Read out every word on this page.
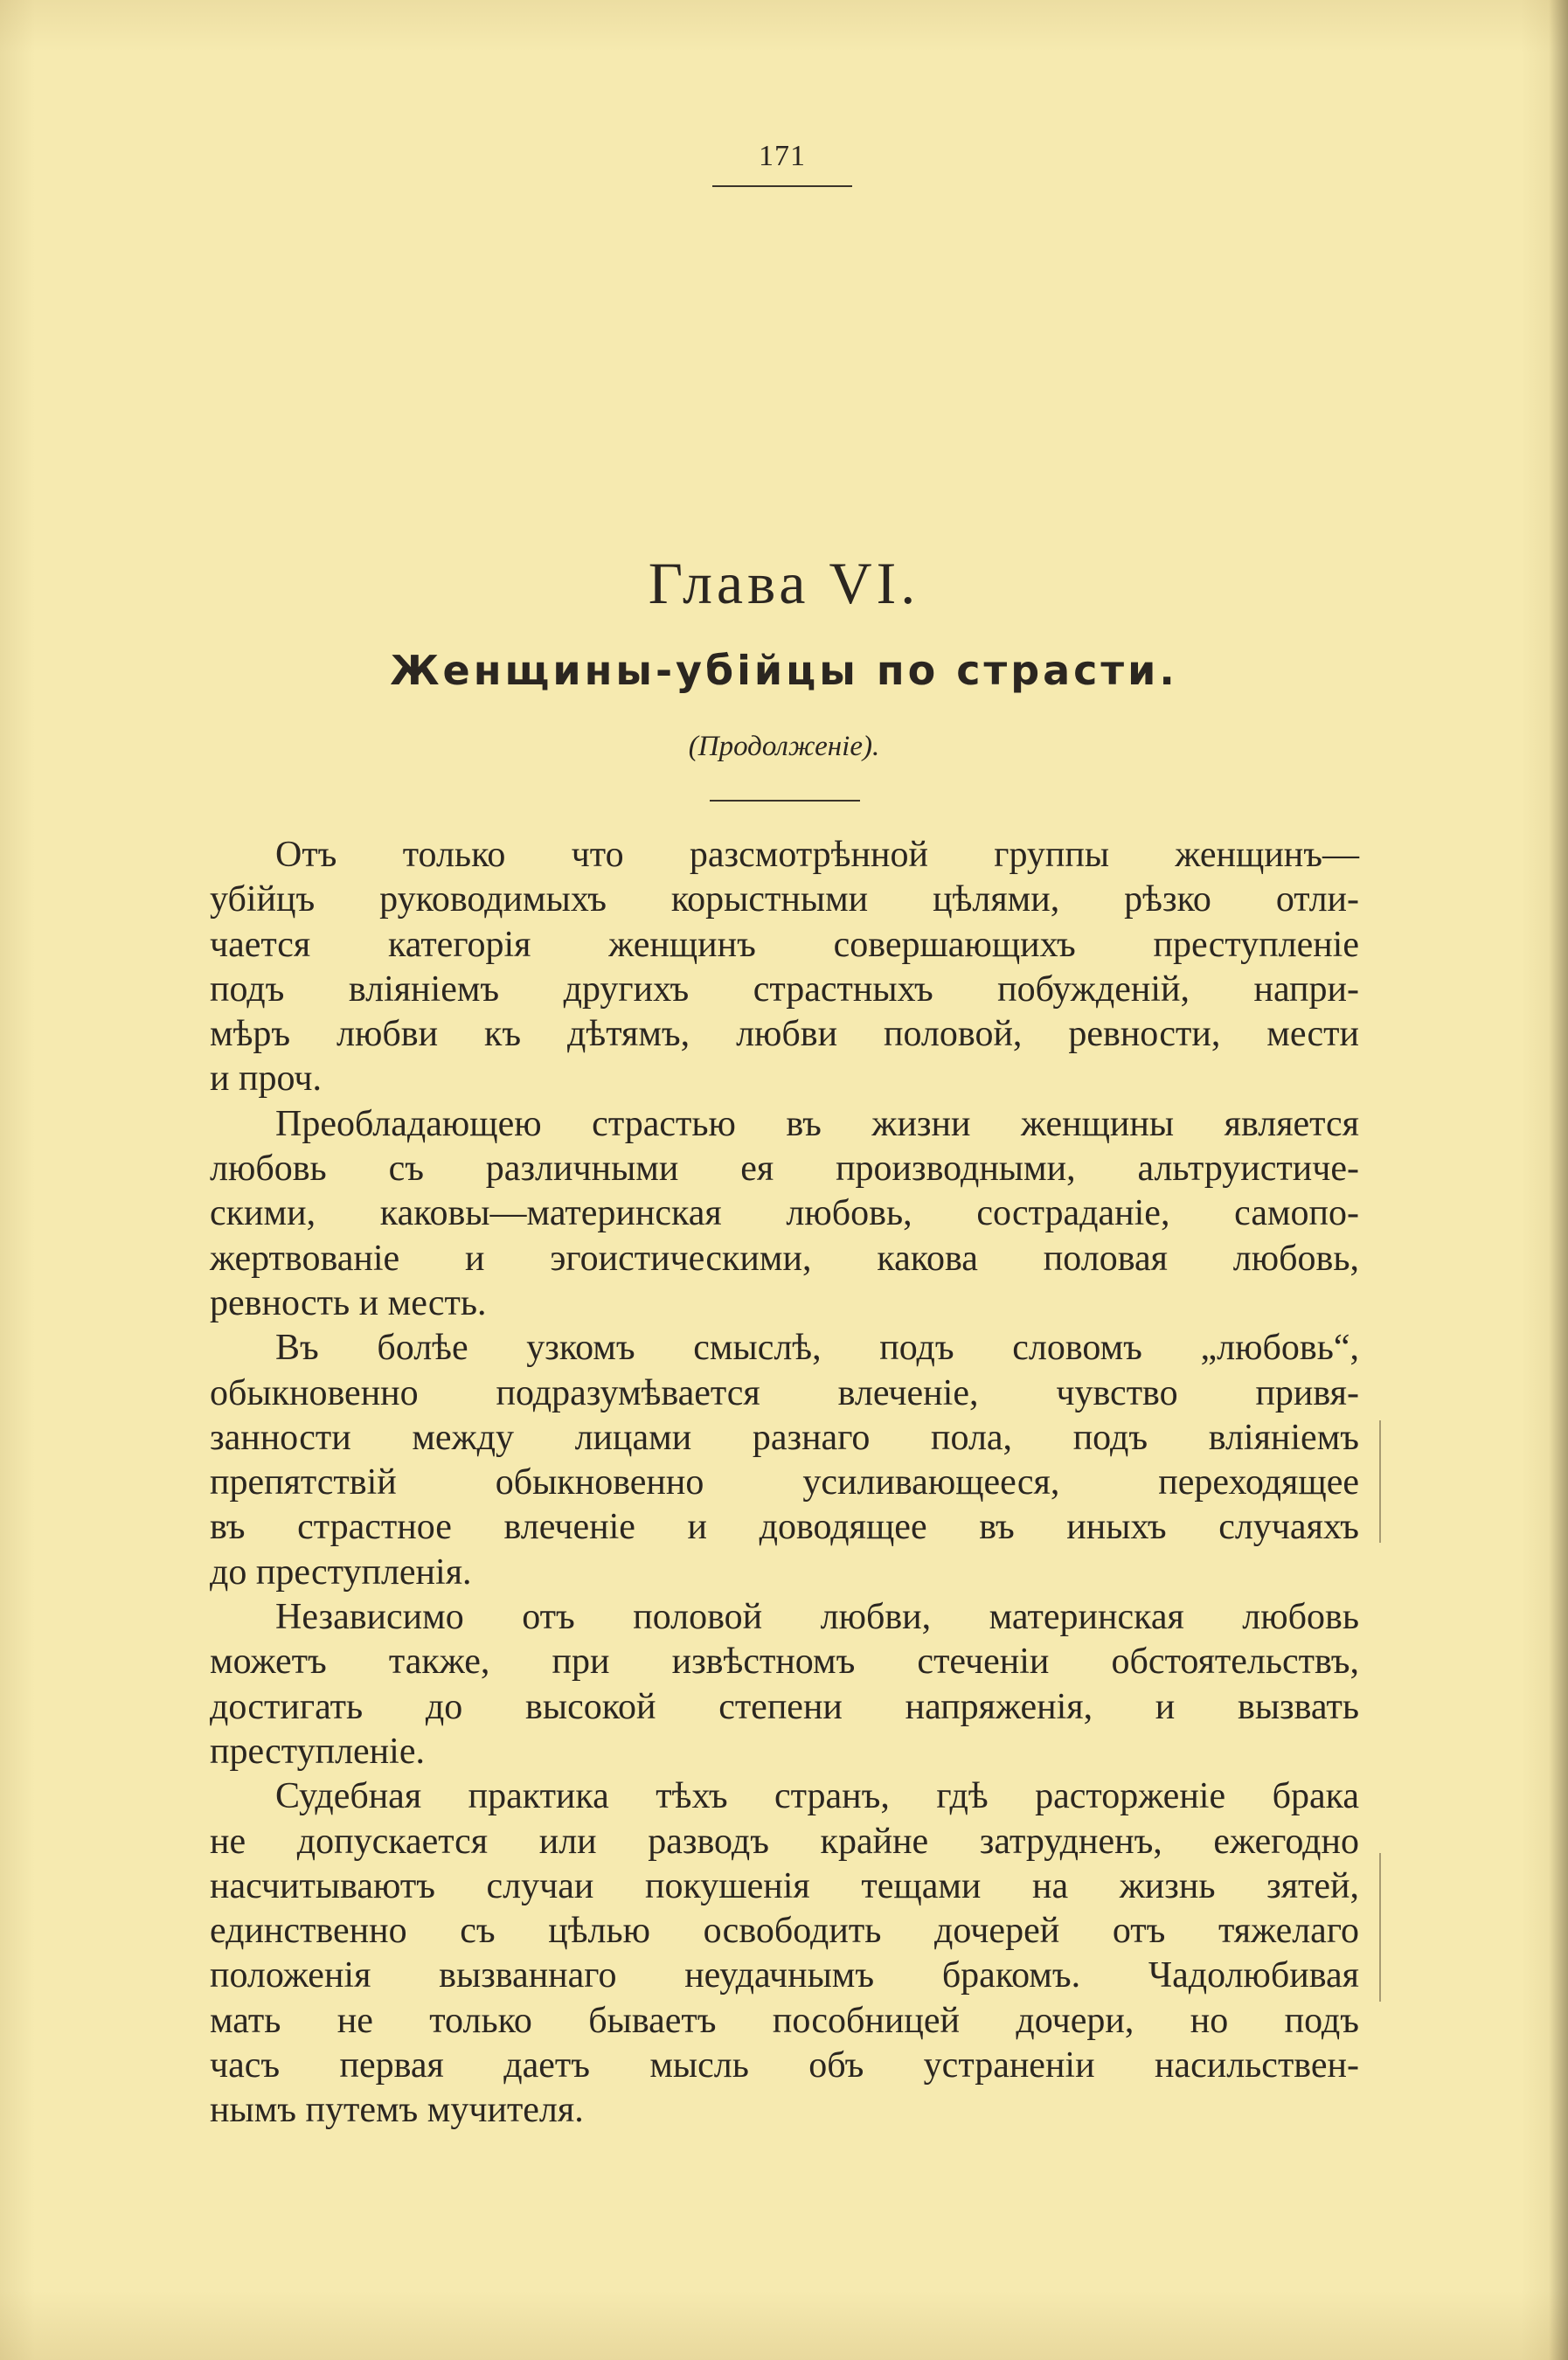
171
Глава VI.
Женщины-убійцы по страсти.
(Продолженіе).
Отъ только что разсмотрѣнной группы женщинъ—
убійцъ руководимыхъ корыстными цѣлями, рѣзко отли-
чается категорія женщинъ совершающихъ преступленіе
подъ вліяніемъ другихъ страстныхъ побужденій, напри-
мѣръ любви къ дѣтямъ, любви половой, ревности, мести
и проч.
Преобладающею страстью въ жизни женщины является
любовь съ различными ея производными, альтруистиче-
скими, каковы—материнская любовь, состраданіе, самопо-
жертвованіе и эгоистическими, какова половая любовь,
ревность и месть.
Въ болѣе узкомъ смыслѣ, подъ словомъ „любовь“,
обыкновенно подразумѣвается влеченіе, чувство привя-
занности между лицами разнаго пола, подъ вліяніемъ
препятствій обыкновенно усиливающееся, переходящее
въ страстное влеченіе и доводящее въ иныхъ случаяхъ
до преступленія.
Независимо отъ половой любви, материнская любовь
можетъ также, при извѣстномъ стеченіи обстоятельствъ,
достигать до высокой степени напряженія, и вызвать
преступленіе.
Судебная практика тѣхъ странъ, гдѣ расторженіе брака
не допускается или разводъ крайне затрудненъ, ежегодно
насчитываютъ случаи покушенія тещами на жизнь зятей,
единственно съ цѣлью освободить дочерей отъ тяжелаго
положенія вызваннаго неудачнымъ бракомъ. Чадолюбивая
мать не только бываетъ пособницей дочери, но подъ
часъ первая даетъ мысль объ устраненіи насильствен-
нымъ путемъ мучителя.
